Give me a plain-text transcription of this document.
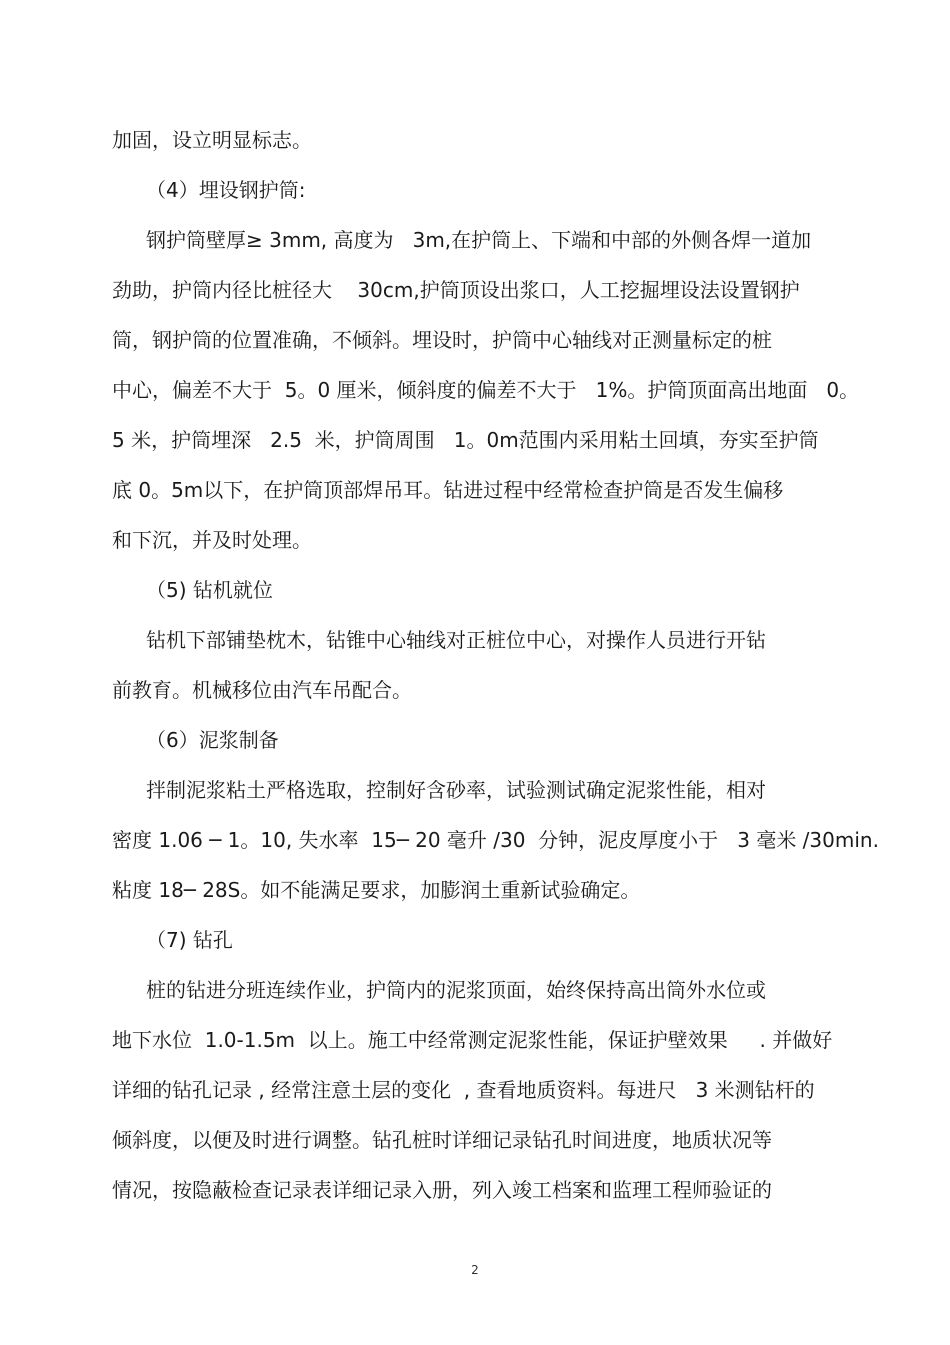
加固，设立明显标志。
（4）埋设钢护筒:
钢护筒壁厚≥ 3mm, 高度为   3m,在护筒上、下端和中部的外侧各焊一道加
劲助，护筒内径比桩径大    30cm,护筒顶设出浆口，人工挖掘埋设法设置钢护
筒，钢护筒的位置准确，不倾斜。埋设时，护筒中心轴线对正测量标定的桩
中心，偏差不大于  5。0 厘米，倾斜度的偏差不大于   1%。护筒顶面高出地面   0。
5 米，护筒埋深   2.5  米，护筒周围   1。0m范围内采用粘土回填，夯实至护筒
底 0。5m以下，在护筒顶部焊吊耳。钻进过程中经常检查护筒是否发生偏移
和下沉，并及时处理。
（5) 钻机就位
钻机下部铺垫枕木，钻锥中心轴线对正桩位中心，对操作人员进行开钻
前教育。机械移位由汽车吊配合。
（6）泥浆制备
拌制泥浆粘土严格选取，控制好含砂率，试验测试确定泥浆性能，相对
密度 1.06 ─ 1。10, 失水率  15─ 20 毫升 /30  分钟，泥皮厚度小于   3 毫米 /30min.
粘度 18─ 28S。如不能满足要求，加膨润土重新试验确定。
（7) 钻孔
桩的钻进分班连续作业，护筒内的泥浆顶面，始终保持高出筒外水位或
地下水位  1.0-1.5m  以上。施工中经常测定泥浆性能，保证护壁效果     . 并做好
详细的钻孔记录 , 经常注意土层的变化  , 查看地质资料。每进尺   3 米测钻杆的
倾斜度，以便及时进行调整。钻孔桩时详细记录钻孔时间进度，地质状况等
情况，按隐蔽检查记录表详细记录入册，列入竣工档案和监理工程师验证的
2
